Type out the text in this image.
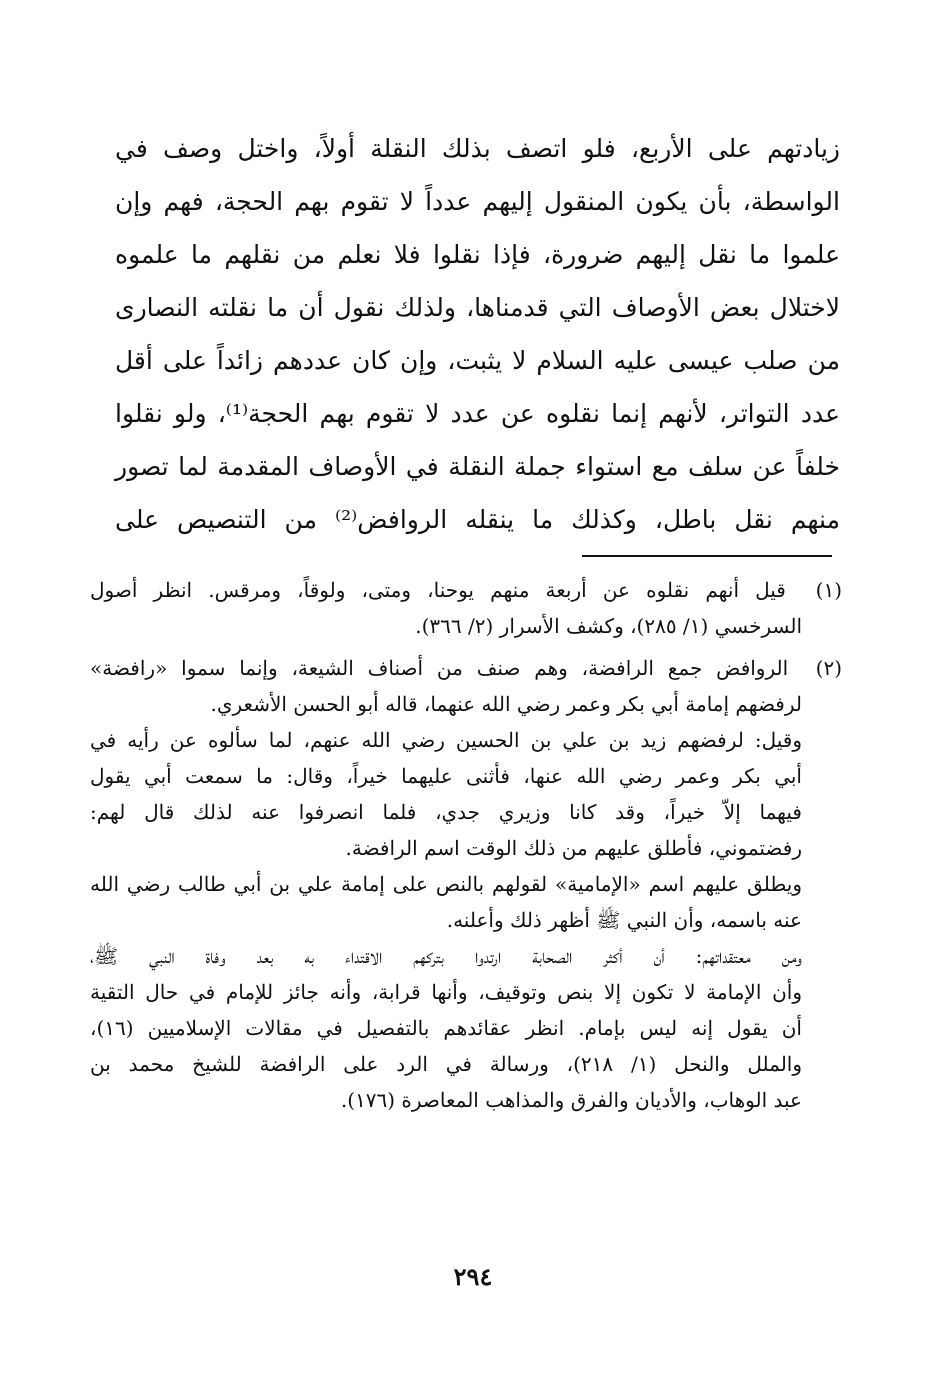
زيادتهم على الأربع، فلو اتصف بذلك النقلة أولاً، واختل وصف في
الواسطة، بأن يكون المنقول إليهم عدداً لا تقوم بهم الحجة، فهم وإن
علموا ما نقل إليهم ضرورة، فإذا نقلوا فلا نعلم من نقلهم ما علموه
لاختلال بعض الأوصاف التي قدمناها، ولذلك نقول أن ما نقلته النصارى
من صلب عيسى عليه السلام لا يثبت، وإن كان عددهم زائداً على أقل
عدد التواتر، لأنهم إنما نقلوه عن عدد لا تقوم بهم الحجة⁽¹⁾، ولو نقلوا
خلفاً عن سلف مع استواء جملة النقلة في الأوصاف المقدمة لما تصور
منهم نقل باطل، وكذلك ما ينقله الروافض⁽²⁾ من التنصيص على
(١) قيل أنهم نقلوه عن أربعة منهم يوحنا، ومتى، ولوقاً، ومرقس. انظر أصول
السرخسي (١/ ٢٨٥)، وكشف الأسرار (٢/ ٣٦٦).
(٢) الروافض جمع الرافضة، وهم صنف من أصناف الشيعة، وإنما سموا «رافضة»
لرفضهم إمامة أبي بكر وعمر رضي الله عنهما، قاله أبو الحسن الأشعري.
وقيل: لرفضهم زيد بن علي بن الحسين رضي الله عنهم، لما سألوه عن رأيه في
أبي بكر وعمر رضي الله عنها، فأثنى عليهما خيراً، وقال: ما سمعت أبي يقول
فيهما إلاّ خيراً، وقد كانا وزيري جدي، فلما انصرفوا عنه لذلك قال لهم:
رفضتموني، فأطلق عليهم من ذلك الوقت اسم الرافضة.
ويطلق عليهم اسم «الإمامية» لقولهم بالنص على إمامة علي بن أبي طالب رضي الله
عنه باسمه، وأن النبي ﷺ أظهر ذلك وأعلنه.
ومن معتقداتهم: أن أكثر الصحابة ارتدوا بتركهم الاقتداء به بعد وفاة النبي ﷺ،
وأن الإمامة لا تكون إلا بنص وتوقيف، وأنها قرابة، وأنه جائز للإمام في حال التقية
أن يقول إنه ليس بإمام. انظر عقائدهم بالتفصيل في مقالات الإسلاميين (١٦)،
والملل والنحل (١/ ٢١٨)، ورسالة في الرد على الرافضة للشيخ محمد بن
عبد الوهاب، والأديان والفرق والمذاهب المعاصرة (١٧٦).
٢٩٤
